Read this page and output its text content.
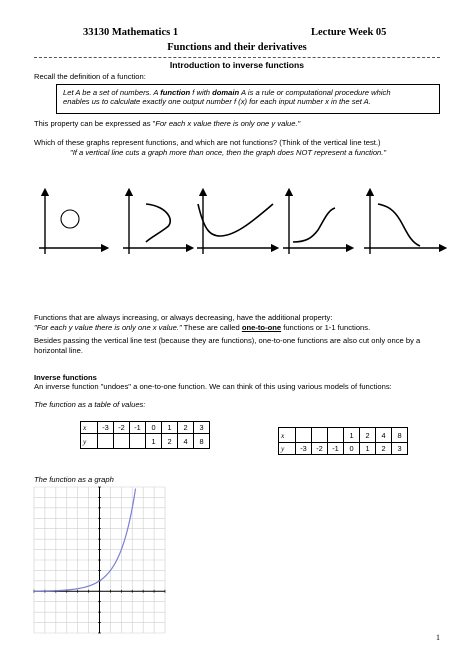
33130 Mathematics 1	Lecture Week 05
Functions and their derivatives
Introduction to inverse functions
Recall the definition of a function:
Let A be a set of numbers. A function f with domain A is a rule or computational procedure which
enables us to calculate exactly one output number f (x) for each input number x in the set A.
This property can be expressed as "For each x value there is only one y value."
Which of these graphs represent functions, and which are not functions? (Think of the vertical line test.)
"If a vertical line cuts a graph more than once, then the graph does NOT represent a function."
Functions that are always increasing, or always decreasing, have the additional property:
"For each y value there is only one x value." These are called one-to-one functions or 1-1 functions.
Besides passing the vertical line test (because they are functions), one-to-one functions are also cut only once by a
horizontal line.
Inverse functions
An inverse function "undoes" a one-to-one function. We can think of this using various models of functions:
The function as a table of values:
x	-3	-2	-1	0	1	2	3
y				1	2	4	8
x				1	2	4	8
y	-3	-2	-1	0	1	2	3
The function as a graph
1
